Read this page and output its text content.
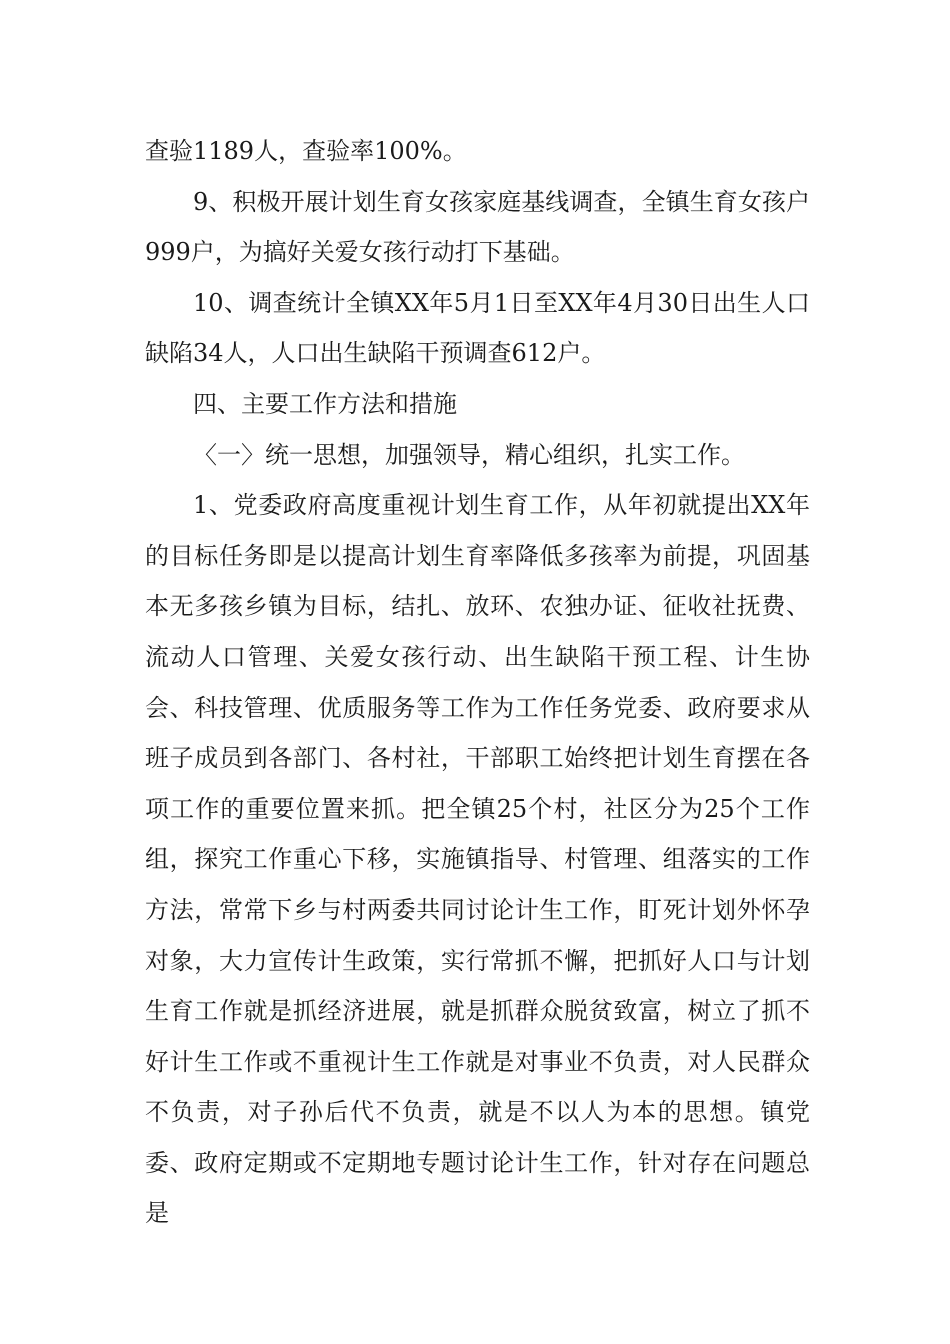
查验1189人，查验率100%。

9、积极开展计划生育女孩家庭基线调查，全镇生育女孩户999户，为搞好关爱女孩行动打下基础。

10、调查统计全镇XX年5月1日至XX年4月30日出生人口缺陷34人，人口出生缺陷干预调查612户。

四、主要工作方法和措施

〈一〉统一思想，加强领导，精心组织，扎实工作。

1、党委政府高度重视计划生育工作，从年初就提出XX年的目标任务即是以提高计划生育率降低多孩率为前提，巩固基本无多孩乡镇为目标，结扎、放环、农独办证、征收社抚费、流动人口管理、关爱女孩行动、出生缺陷干预工程、计生协会、科技管理、优质服务等工作为工作任务党委、政府要求从班子成员到各部门、各村社，干部职工始终把计划生育摆在各项工作的重要位置来抓。把全镇25个村，社区分为25个工作组，探究工作重心下移，实施镇指导、村管理、组落实的工作方法，常常下乡与村两委共同讨论计生工作，盯死计划外怀孕对象，大力宣传计生政策，实行常抓不懈，把抓好人口与计划生育工作就是抓经济进展，就是抓群众脱贫致富，树立了抓不好计生工作或不重视计生工作就是对事业不负责，对人民群众不负责，对子孙后代不负责，就是不以人为本的思想。镇党委、政府定期或不定期地专题讨论计生工作，针对存在问题总是
